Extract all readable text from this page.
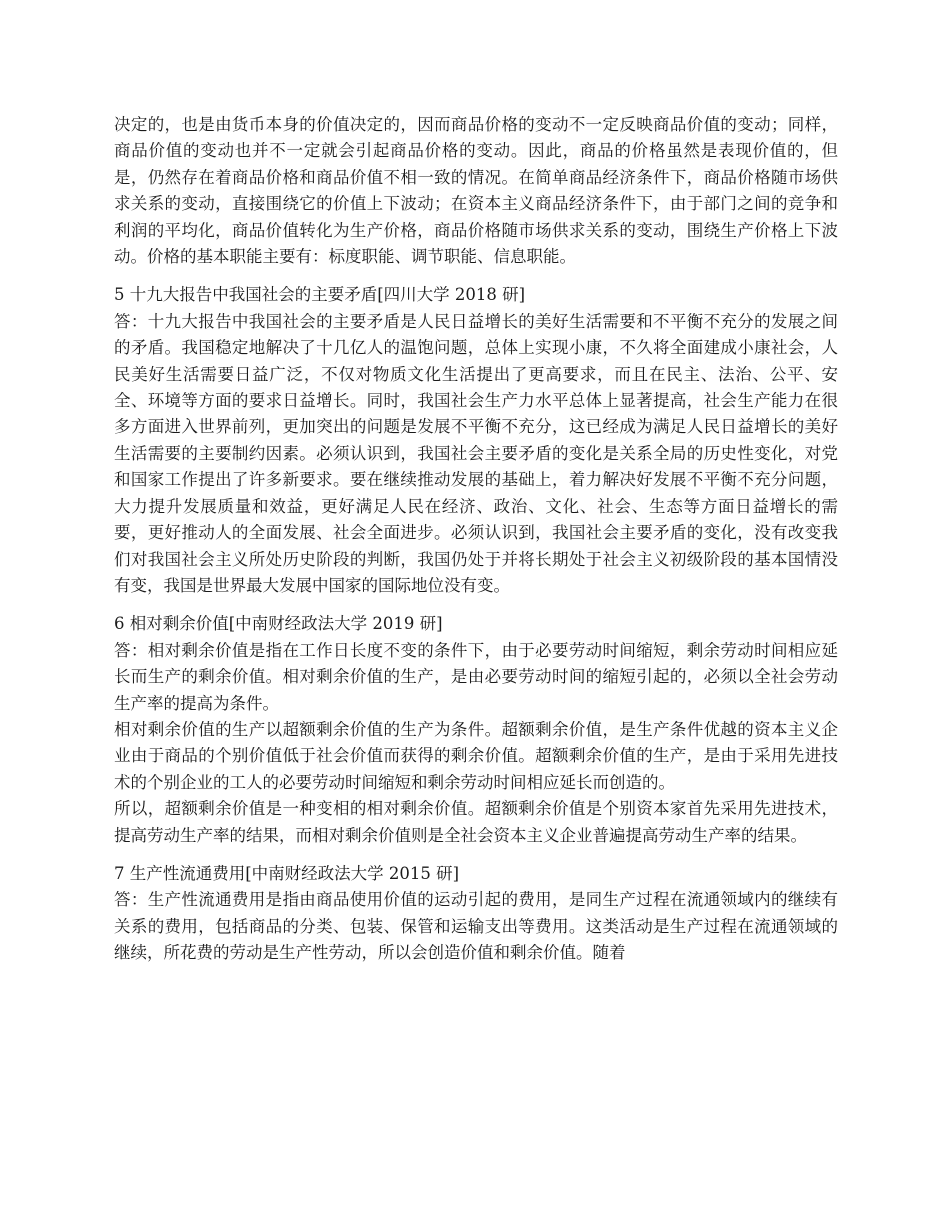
决定的，也是由货币本身的价值决定的，因而商品价格的变动不一定反映商品价值的变动；同样，商品价值的变动也并不一定就会引起商品价格的变动。因此，商品的价格虽然是表现价值的，但是，仍然存在着商品价格和商品价值不相一致的情况。在简单商品经济条件下，商品价格随市场供求关系的变动，直接围绕它的价值上下波动；在资本主义商品经济条件下，由于部门之间的竞争和利润的平均化，商品价值转化为生产价格，商品价格随市场供求关系的变动，围绕生产价格上下波动。价格的基本职能主要有：标度职能、调节职能、信息职能。

5 十九大报告中我国社会的主要矛盾[四川大学 2018 研]

答：十九大报告中我国社会的主要矛盾是人民日益增长的美好生活需要和不平衡不充分的发展之间的矛盾。我国稳定地解决了十几亿人的温饱问题，总体上实现小康，不久将全面建成小康社会，人民美好生活需要日益广泛，不仅对物质文化生活提出了更高要求，而且在民主、法治、公平、安全、环境等方面的要求日益增长。同时，我国社会生产力水平总体上显著提高，社会生产能力在很多方面进入世界前列，更加突出的问题是发展不平衡不充分，这已经成为满足人民日益增长的美好生活需要的主要制约因素。必须认识到，我国社会主要矛盾的变化是关系全局的历史性变化，对党和国家工作提出了许多新要求。要在继续推动发展的基础上，着力解决好发展不平衡不充分问题，大力提升发展质量和效益，更好满足人民在经济、政治、文化、社会、生态等方面日益增长的需要，更好推动人的全面发展、社会全面进步。必须认识到，我国社会主要矛盾的变化，没有改变我们对我国社会主义所处历史阶段的判断，我国仍处于并将长期处于社会主义初级阶段的基本国情没有变，我国是世界最大发展中国家的国际地位没有变。

6 相对剩余价值[中南财经政法大学 2019 研]

答：相对剩余价值是指在工作日长度不变的条件下，由于必要劳动时间缩短，剩余劳动时间相应延长而生产的剩余价值。相对剩余价值的生产，是由必要劳动时间的缩短引起的，必须以全社会劳动生产率的提高为条件。

相对剩余价值的生产以超额剩余价值的生产为条件。超额剩余价值，是生产条件优越的资本主义企业由于商品的个别价值低于社会价值而获得的剩余价值。超额剩余价值的生产，是由于采用先进技术的个别企业的工人的必要劳动时间缩短和剩余劳动时间相应延长而创造的。

所以，超额剩余价值是一种变相的相对剩余价值。超额剩余价值是个别资本家首先采用先进技术，提高劳动生产率的结果，而相对剩余价值则是全社会资本主义企业普遍提高劳动生产率的结果。

7 生产性流通费用[中南财经政法大学 2015 研]

答：生产性流通费用是指由商品使用价值的运动引起的费用，是同生产过程在流通领域内的继续有关系的费用，包括商品的分类、包装、保管和运输支出等费用。这类活动是生产过程在流通领域的继续，所花费的劳动是生产性劳动，所以会创造价值和剩余价值。随着
